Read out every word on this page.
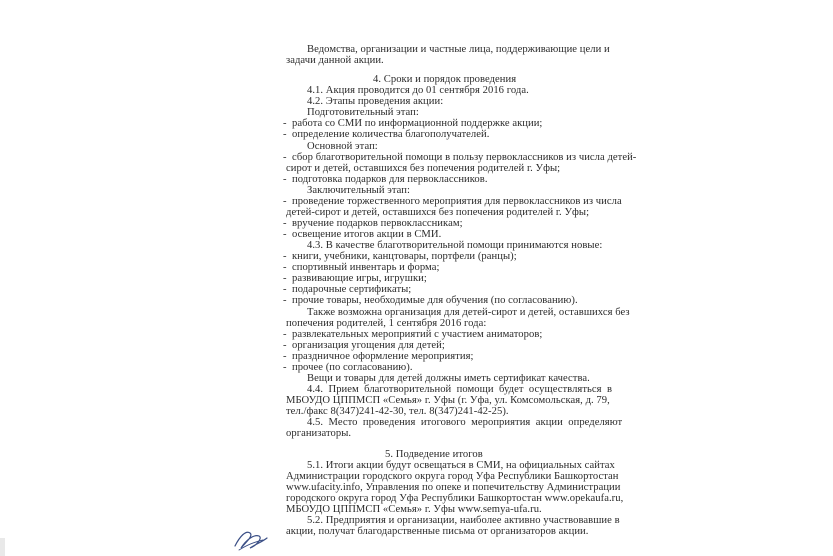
Ведомства, организации и частные лица, поддерживающие цели и
задачи данной акции.
4. Сроки и порядок проведения
4.1. Акция проводится до 01 сентября 2016 года.
4.2. Этапы проведения акции:
Подготовительный этап:
-  работа со СМИ по информационной поддержке акции;
-  определение количества благополучателей.
Основной этап:
-  сбор благотворительной помощи в пользу первоклассников из числа детей-
сирот и детей, оставшихся без попечения родителей г. Уфы;
-  подготовка подарков для первоклассников.
Заключительный этап:
-  проведение торжественного мероприятия для первоклассников из числа
детей-сирот и детей, оставшихся без попечения родителей г. Уфы;
-  вручение подарков первоклассникам;
-  освещение итогов акции в СМИ.
4.3. В качестве благотворительной помощи принимаются новые:
-  книги, учебники, канцтовары, портфели (ранцы);
-  спортивный инвентарь и форма;
-  развивающие игры, игрушки;
-  подарочные сертификаты;
-  прочие товары, необходимые для обучения (по согласованию).
Также возможна организация для детей-сирот и детей, оставшихся без
попечения родителей, 1 сентября 2016 года:
-  развлекательных мероприятий с участием аниматоров;
-  организация угощения для детей;
-  праздничное оформление мероприятия;
-  прочее (по согласованию).
Вещи и товары для детей должны иметь сертификат качества.
4.4.  Прием  благотворительной  помощи  будет  осуществляться  в
МБОУДО ЦППМСП «Семья» г. Уфы (г. Уфа, ул. Комсомольская, д. 79,
тел./факс 8(347)241-42-30, тел. 8(347)241-42-25).
4.5.  Место  проведения  итогового  мероприятия  акции  определяют
организаторы.
5. Подведение итогов
5.1. Итоги акции будут освещаться в СМИ, на официальных сайтах
Администрации городского округа город Уфа Республики Башкортостан
www.ufacity.info, Управления по опеке и попечительству Администрации
городского округа город Уфа Республики Башкортостан www.opekaufa.ru,
МБОУДО ЦППМСП «Семья» г. Уфы www.semya-ufa.ru.
5.2. Предприятия и организации, наиболее активно участвовавшие в
акции, получат благодарственные письма от организаторов акции.
